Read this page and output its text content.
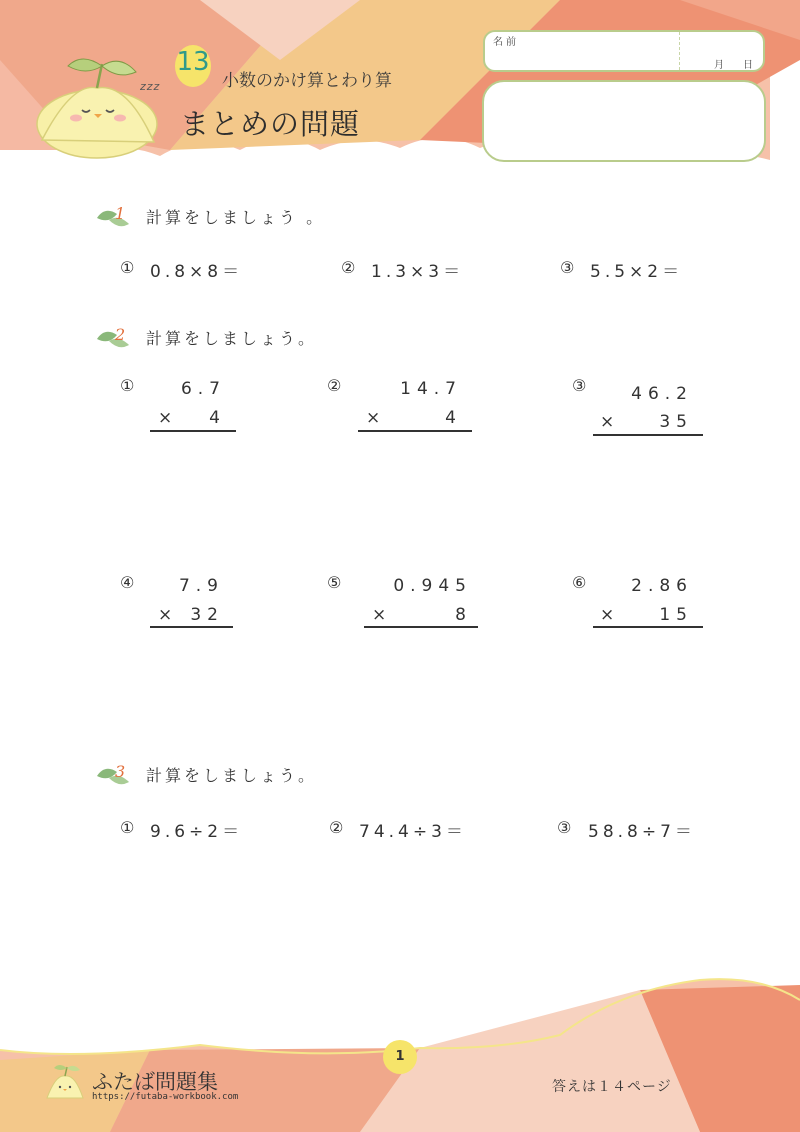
zzz
13
小数のかけ算とわり算
まとめの問題
名前
月 日
1 計算をしましょう 。
① 0.8×8＝	② 1.3×3＝	③ 5.5×2＝
2 計算をしましょう。
①	6.7
×	4
②	14.7
×	4
③	46.2
×	35
④	7.9
×	32
⑤	0.945
×	8
⑥	2.86
×	15
3 計算をしましょう。
① 9.6÷2＝	② 74.4÷3＝	③ 58.8÷7＝
1
ふたば問題集
https://futaba-workbook.com
答えは１４ページ
